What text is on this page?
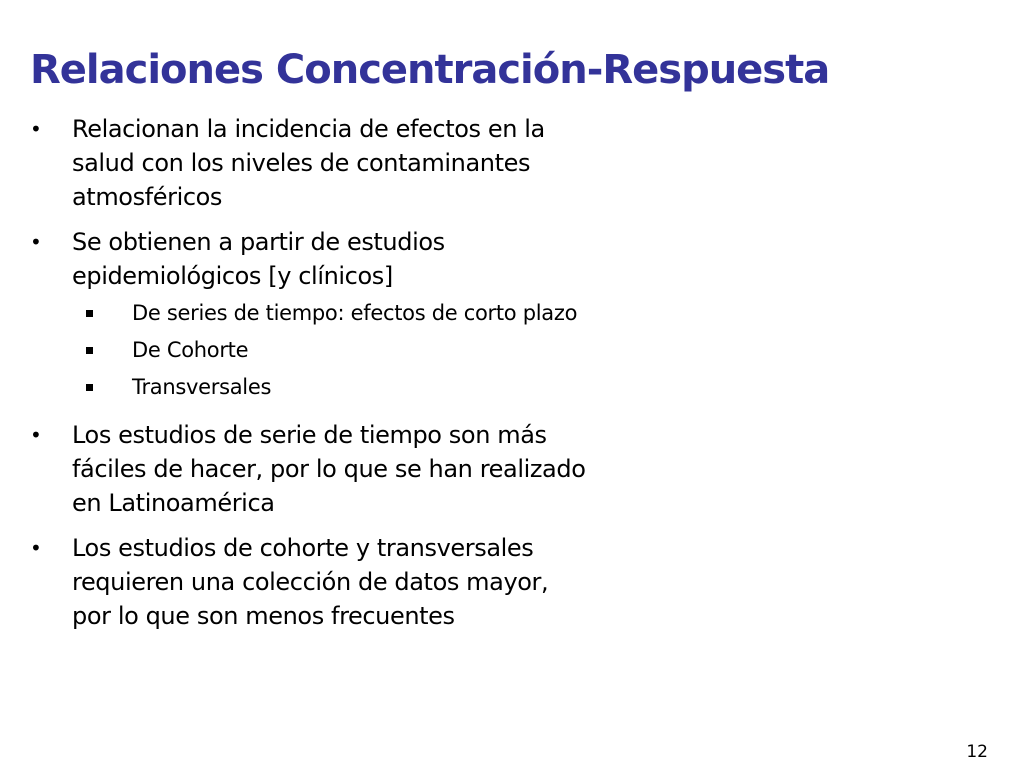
Relaciones Concentración-Respuesta
•	Relacionan la incidencia de efectos en la
salud con los niveles de contaminantes
atmosféricos
•	Se obtienen a partir de estudios
epidemiológicos [y clínicos]
De series de tiempo: efectos de corto plazo
De Cohorte
Transversales
•	Los estudios de serie de tiempo son más
fáciles de hacer, por lo que se han realizado
en Latinoamérica
•	Los estudios de cohorte y transversales
requieren una colección de datos mayor,
por lo que son menos frecuentes
12
